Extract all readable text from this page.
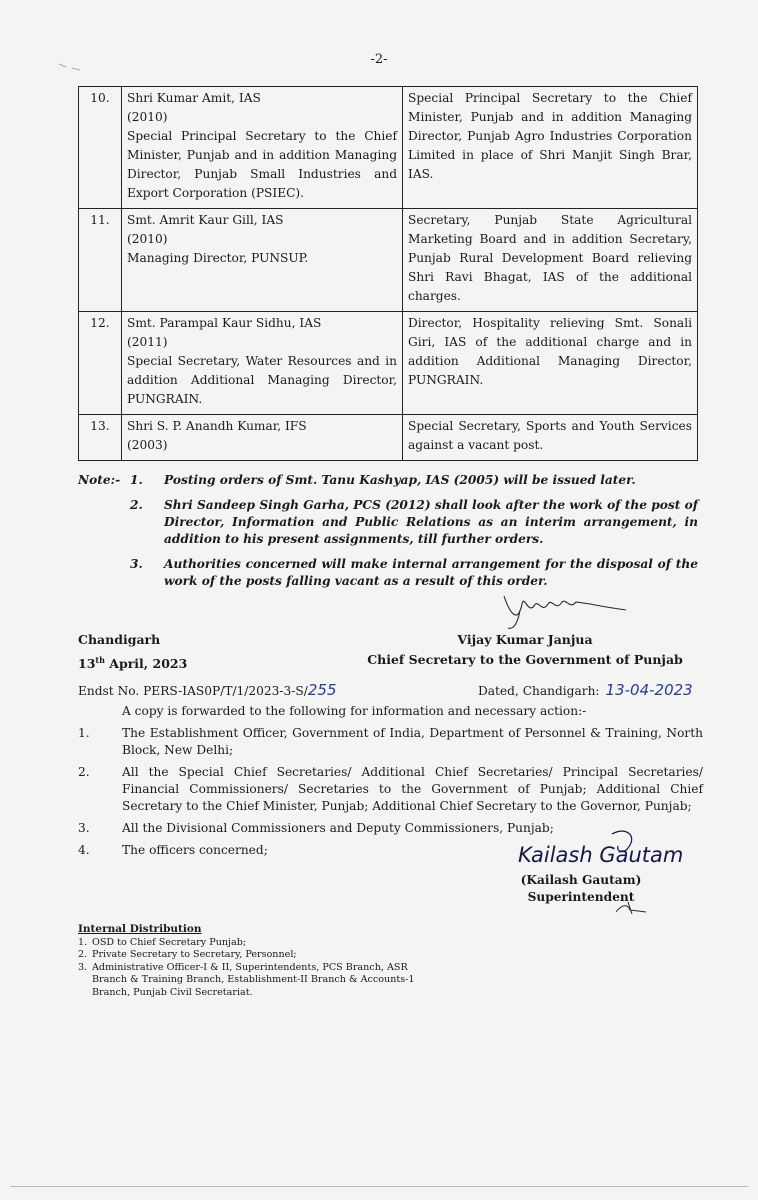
-2-
10.	Shri Kumar Amit, IAS
(2010)
Special Principal Secretary to the Chief Minister, Punjab and in addition Managing Director, Punjab Small Industries and Export Corporation (PSIEC).	Special Principal Secretary to the Chief Minister, Punjab and in addition Managing Director, Punjab Agro Industries Corporation Limited in place of Shri Manjit Singh Brar, IAS.
11.	Smt. Amrit Kaur Gill, IAS
(2010)
Managing Director, PUNSUP.	Secretary, Punjab State Agricultural Marketing Board and in addition Secretary, Punjab Rural Development Board relieving Shri Ravi Bhagat, IAS of the additional charges.
12.	Smt. Parampal Kaur Sidhu, IAS
(2011)
Special Secretary, Water Resources and in addition Additional Managing Director, PUNGRAIN.	Director, Hospitality relieving Smt. Sonali Giri, IAS of the additional charge and in addition Additional Managing Director, PUNGRAIN.
13.	Shri S. P. Anandh Kumar, IFS
(2003)	Special Secretary, Sports and Youth Services against a vacant post.
Note:- 1.	Posting orders of Smt. Tanu Kashyap, IAS (2005) will be issued later.
2.	Shri Sandeep Singh Garha, PCS (2012) shall look after the work of the post of Director, Information and Public Relations as an interim arrangement, in addition to his present assignments, till further orders.
3.	Authorities concerned will make internal arrangement for the disposal of the work of the posts falling vacant as a result of this order.
Chandigarh
13th April, 2023
Vijay Kumar Janjua
Chief Secretary to the Government of Punjab
Endst No. PERS-IAS0P/T/1/2023-3-S/255	Dated, Chandigarh: 13-04-2023
A copy is forwarded to the following for information and necessary action:-
1.	The Establishment Officer, Government of India, Department of Personnel & Training, North Block, New Delhi;
2.	All the Special Chief Secretaries/ Additional Chief Secretaries/ Principal Secretaries/ Financial Commissioners/ Secretaries to the Government of Punjab; Additional Chief Secretary to the Chief Minister, Punjab; Additional Chief Secretary to the Governor, Punjab;
3.	All the Divisional Commissioners and Deputy Commissioners, Punjab;
4.	The officers concerned;	Kailash Gautam
(Kailash Gautam)
Superintendent
Internal Distribution
1. OSD to Chief Secretary Punjab;
2. Private Secretary to Secretary, Personnel;
3. Administrative Officer-I & II, Superintendents, PCS Branch, ASR Branch & Training Branch, Establishment-II Branch & Accounts-1 Branch, Punjab Civil Secretariat.
